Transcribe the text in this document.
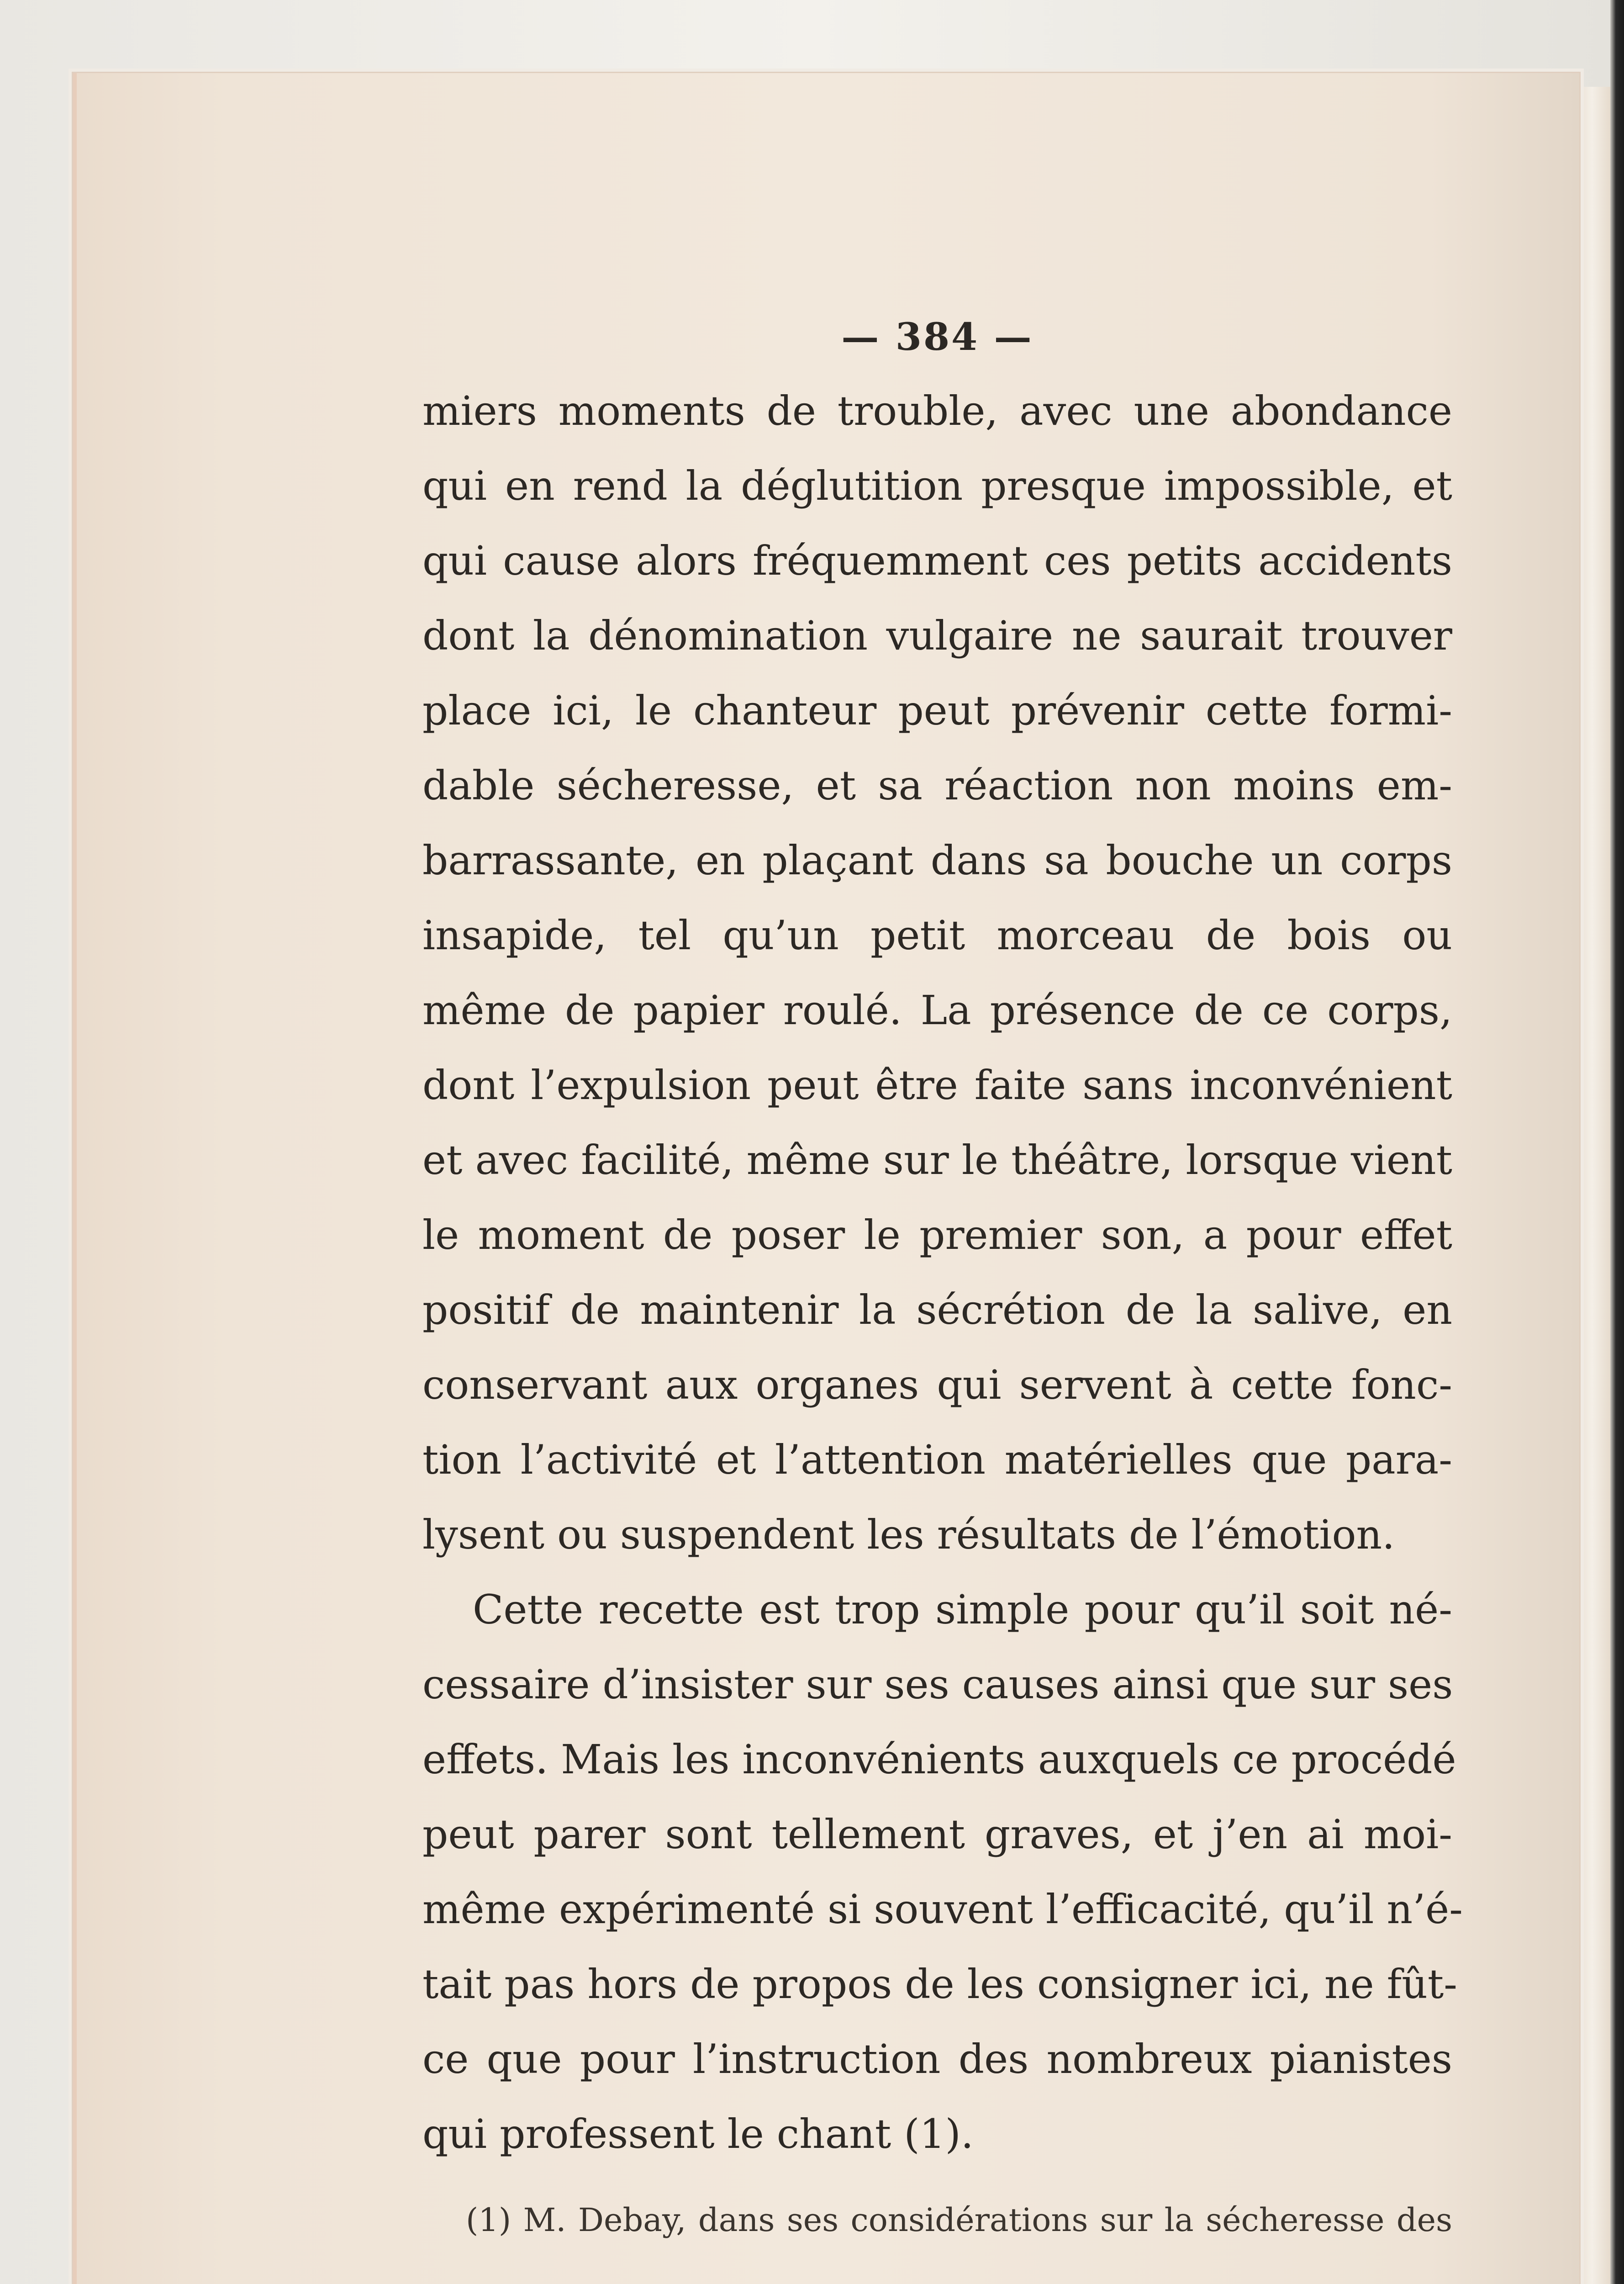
— 384 —
miers moments de trouble, avec une abondance
qui en rend la déglutition presque impossible, et
qui cause alors fréquemment ces petits accidents
dont la dénomination vulgaire ne saurait trouver
place ici, le chanteur peut prévenir cette formi-
dable sécheresse, et sa réaction non moins em-
barrassante, en plaçant dans sa bouche un corps
insapide, tel qu’un petit morceau de bois ou
même de papier roulé. La présence de ce corps,
dont l’expulsion peut être faite sans inconvénient
et avec facilité, même sur le théâtre, lorsque vient
le moment de poser le premier son, a pour effet
positif de maintenir la sécrétion de la salive, en
conservant aux organes qui servent à cette fonc-
tion l’activité et l’attention matérielles que para-
lysent ou suspendent les résultats de l’émotion.
Cette recette est trop simple pour qu’il soit né-
cessaire d’insister sur ses causes ainsi que sur ses
effets. Mais les inconvénients auxquels ce procédé
peut parer sont tellement graves, et j’en ai moi-
même expérimenté si souvent l’efficacité, qu’il n’é-
tait pas hors de propos de les consigner ici, ne fût-
ce que pour l’instruction des nombreux pianistes
qui professent le chant (1).
(1) M. Debay, dans ses considérations sur la sécheresse des
